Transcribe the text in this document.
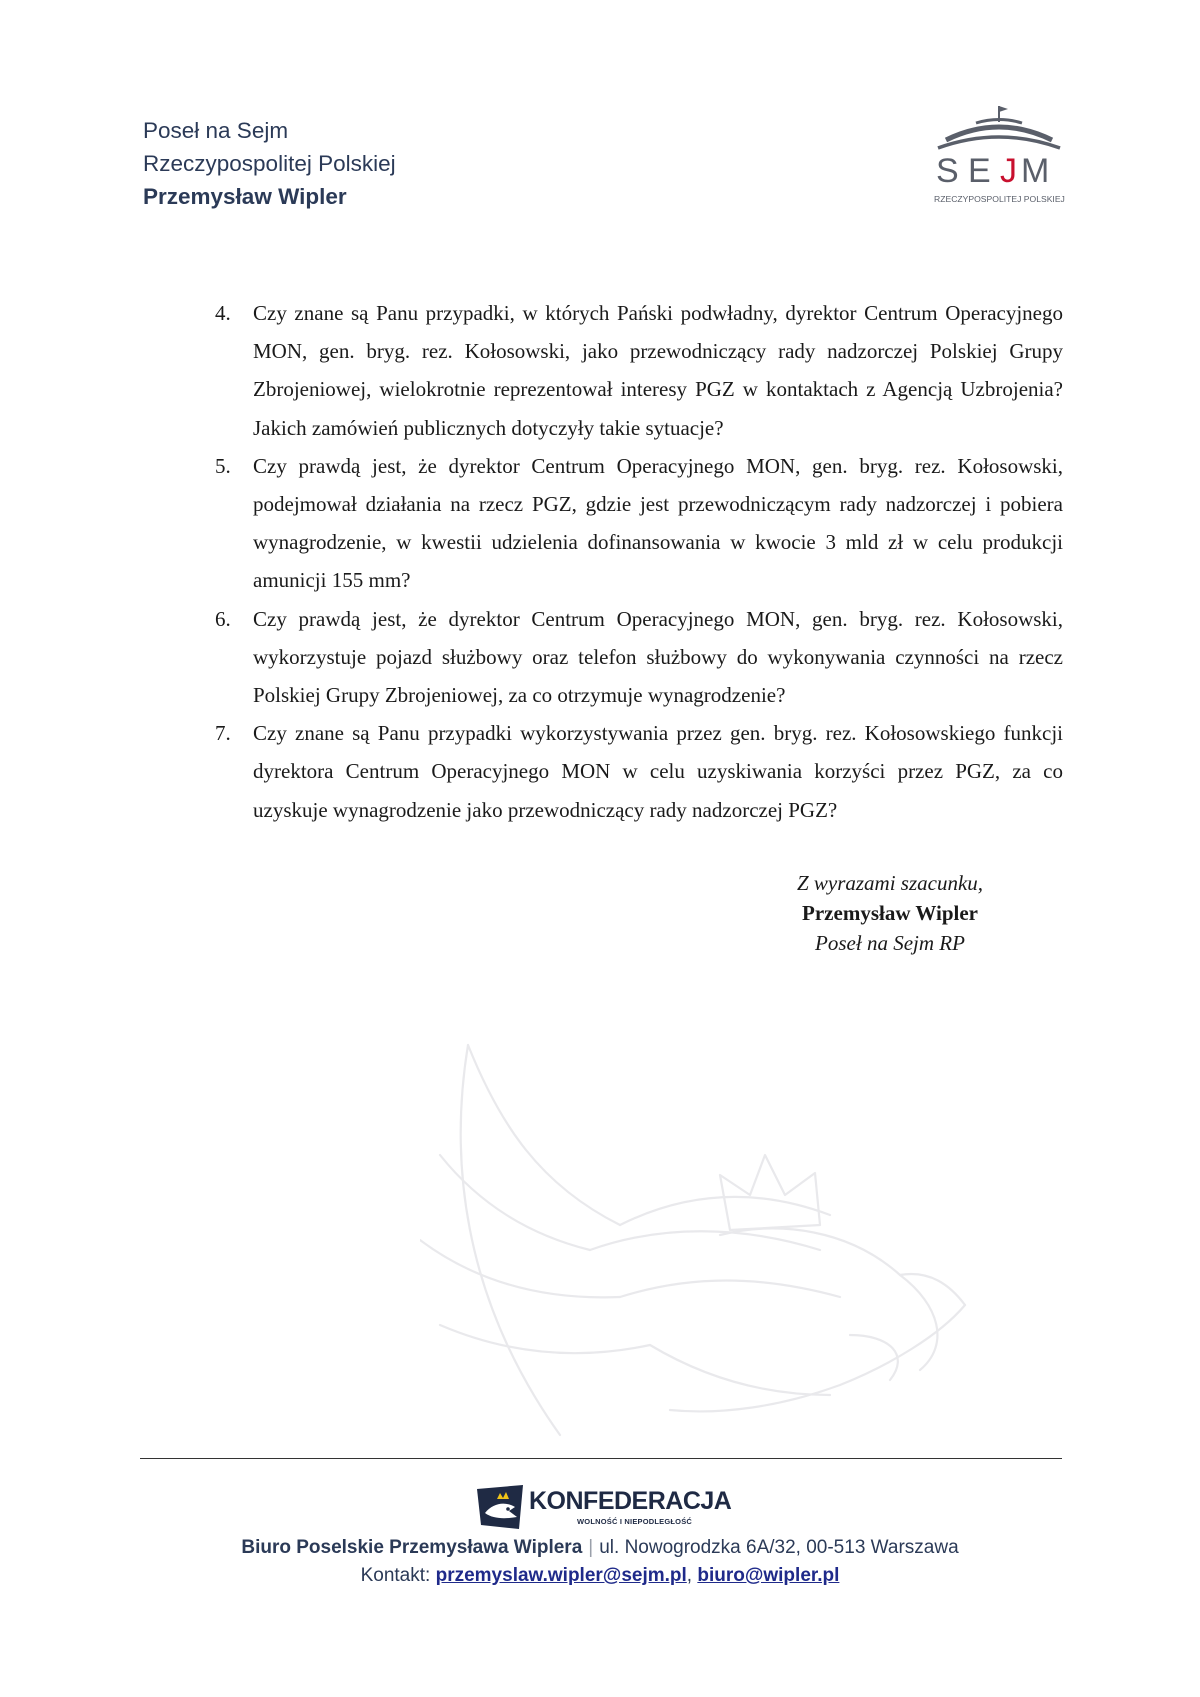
Poseł na Sejm
Rzeczypospolitej Polskiej
Przemysław Wipler
S E J M
RZECZYPOSPOLITEJ POLSKIEJ
4. Czy znane są Panu przypadki, w których Pański podwładny, dyrektor Centrum Operacyjnego MON, gen. bryg. rez. Kołosowski, jako przewodniczący rady nadzorczej Polskiej Grupy Zbrojeniowej, wielokrotnie reprezentował interesy PGZ w kontaktach z Agencją Uzbrojenia? Jakich zamówień publicznych dotyczyły takie sytuacje?
5. Czy prawdą jest, że dyrektor Centrum Operacyjnego MON, gen. bryg. rez. Kołosowski, podejmował działania na rzecz PGZ, gdzie jest przewodniczącym rady nadzorczej i pobiera wynagrodzenie, w kwestii udzielenia dofinansowania w kwocie 3 mld zł w celu produkcji amunicji 155 mm?
6. Czy prawdą jest, że dyrektor Centrum Operacyjnego MON, gen. bryg. rez. Kołosowski, wykorzystuje pojazd służbowy oraz telefon służbowy do wykonywania czynności na rzecz Polskiej Grupy Zbrojeniowej, za co otrzymuje wynagrodzenie?
7. Czy znane są Panu przypadki wykorzystywania przez gen. bryg. rez. Kołosowskiego funkcji dyrektora Centrum Operacyjnego MON w celu uzyskiwania korzyści przez PGZ, za co uzyskuje wynagrodzenie jako przewodniczący rady nadzorczej PGZ?
Z wyrazami szacunku,
Przemysław Wipler
Poseł na Sejm RP
KONFEDERACJA
WOLNOŚĆ I NIEPODLEGŁOŚĆ
Biuro Poselskie Przemysława Wiplera | ul. Nowogrodzka 6A/32, 00-513 Warszawa
Kontakt: przemyslaw.wipler@sejm.pl, biuro@wipler.pl
